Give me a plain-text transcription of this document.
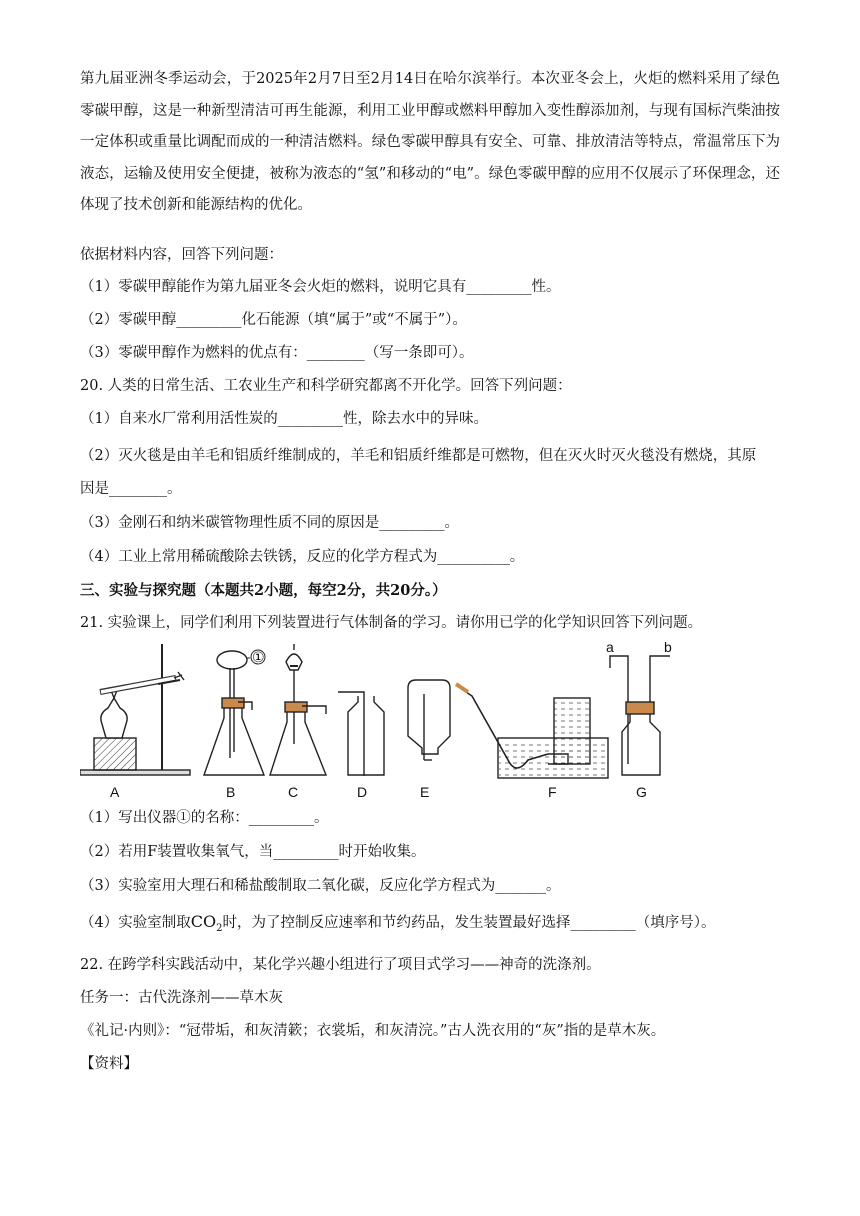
第九届亚洲冬季运动会，于2025年2月7日至2月14日在哈尔滨举行。本次亚冬会上，火炬的燃料采用了绿色零碳甲醇，这是一种新型清洁可再生能源，利用工业甲醇或燃料甲醇加入变性醇添加剂，与现有国标汽柴油按一定体积或重量比调配而成的一种清洁燃料。绿色零碳甲醇具有安全、可靠、排放清洁等特点，常温常压下为液态，运输及使用安全便捷，被称为液态的“氢”和移动的“电”。绿色零碳甲醇的应用不仅展示了环保理念，还体现了技术创新和能源结构的优化。
依据材料内容，回答下列问题：
（1）零碳甲醇能作为第九届亚冬会火炬的燃料，说明它具有_________性。
（2）零碳甲醇_________化石能源（填“属于”或“不属于”）。
（3）零碳甲醇作为燃料的优点有：________（写一条即可）。
20. 人类的日常生活、工农业生产和科学研究都离不开化学。回答下列问题：
（1）自来水厂常利用活性炭的_________性，除去水中的异味。
（2）灭火毯是由羊毛和铝质纤维制成的，羊毛和铝质纤维都是可燃物，但在灭火时灭火毯没有燃烧，其原
因是________。
（3）金刚石和纳米碳管物理性质不同的原因是_________。
（4）工业上常用稀硫酸除去铁锈，反应的化学方程式为__________。
三、实验与探究题（本题共2小题，每空2分，共20分。）
21. 实验课上，同学们利用下列装置进行气体制备的学习。请你用已学的化学知识回答下列问题。
A	B	C	D	E	F	G
①
a	b
（1）写出仪器①的名称：_________。
（2）若用F装置收集氧气，当_________时开始收集。
（3）实验室用大理石和稀盐酸制取二氧化碳，反应化学方程式为_______。
（4）实验室制取$CO_2$时，为了控制反应速率和节约药品，发生装置最好选择_________（填序号）。
22. 在跨学科实践活动中，某化学兴趣小组进行了项目式学习——神奇的洗涤剂。
任务一：古代洗涤剂——草木灰
《礼记·内则》：“冠带垢，和灰清簌；衣裳垢，和灰清浣。”古人洗衣用的“灰”指的是草木灰。
【资料】
